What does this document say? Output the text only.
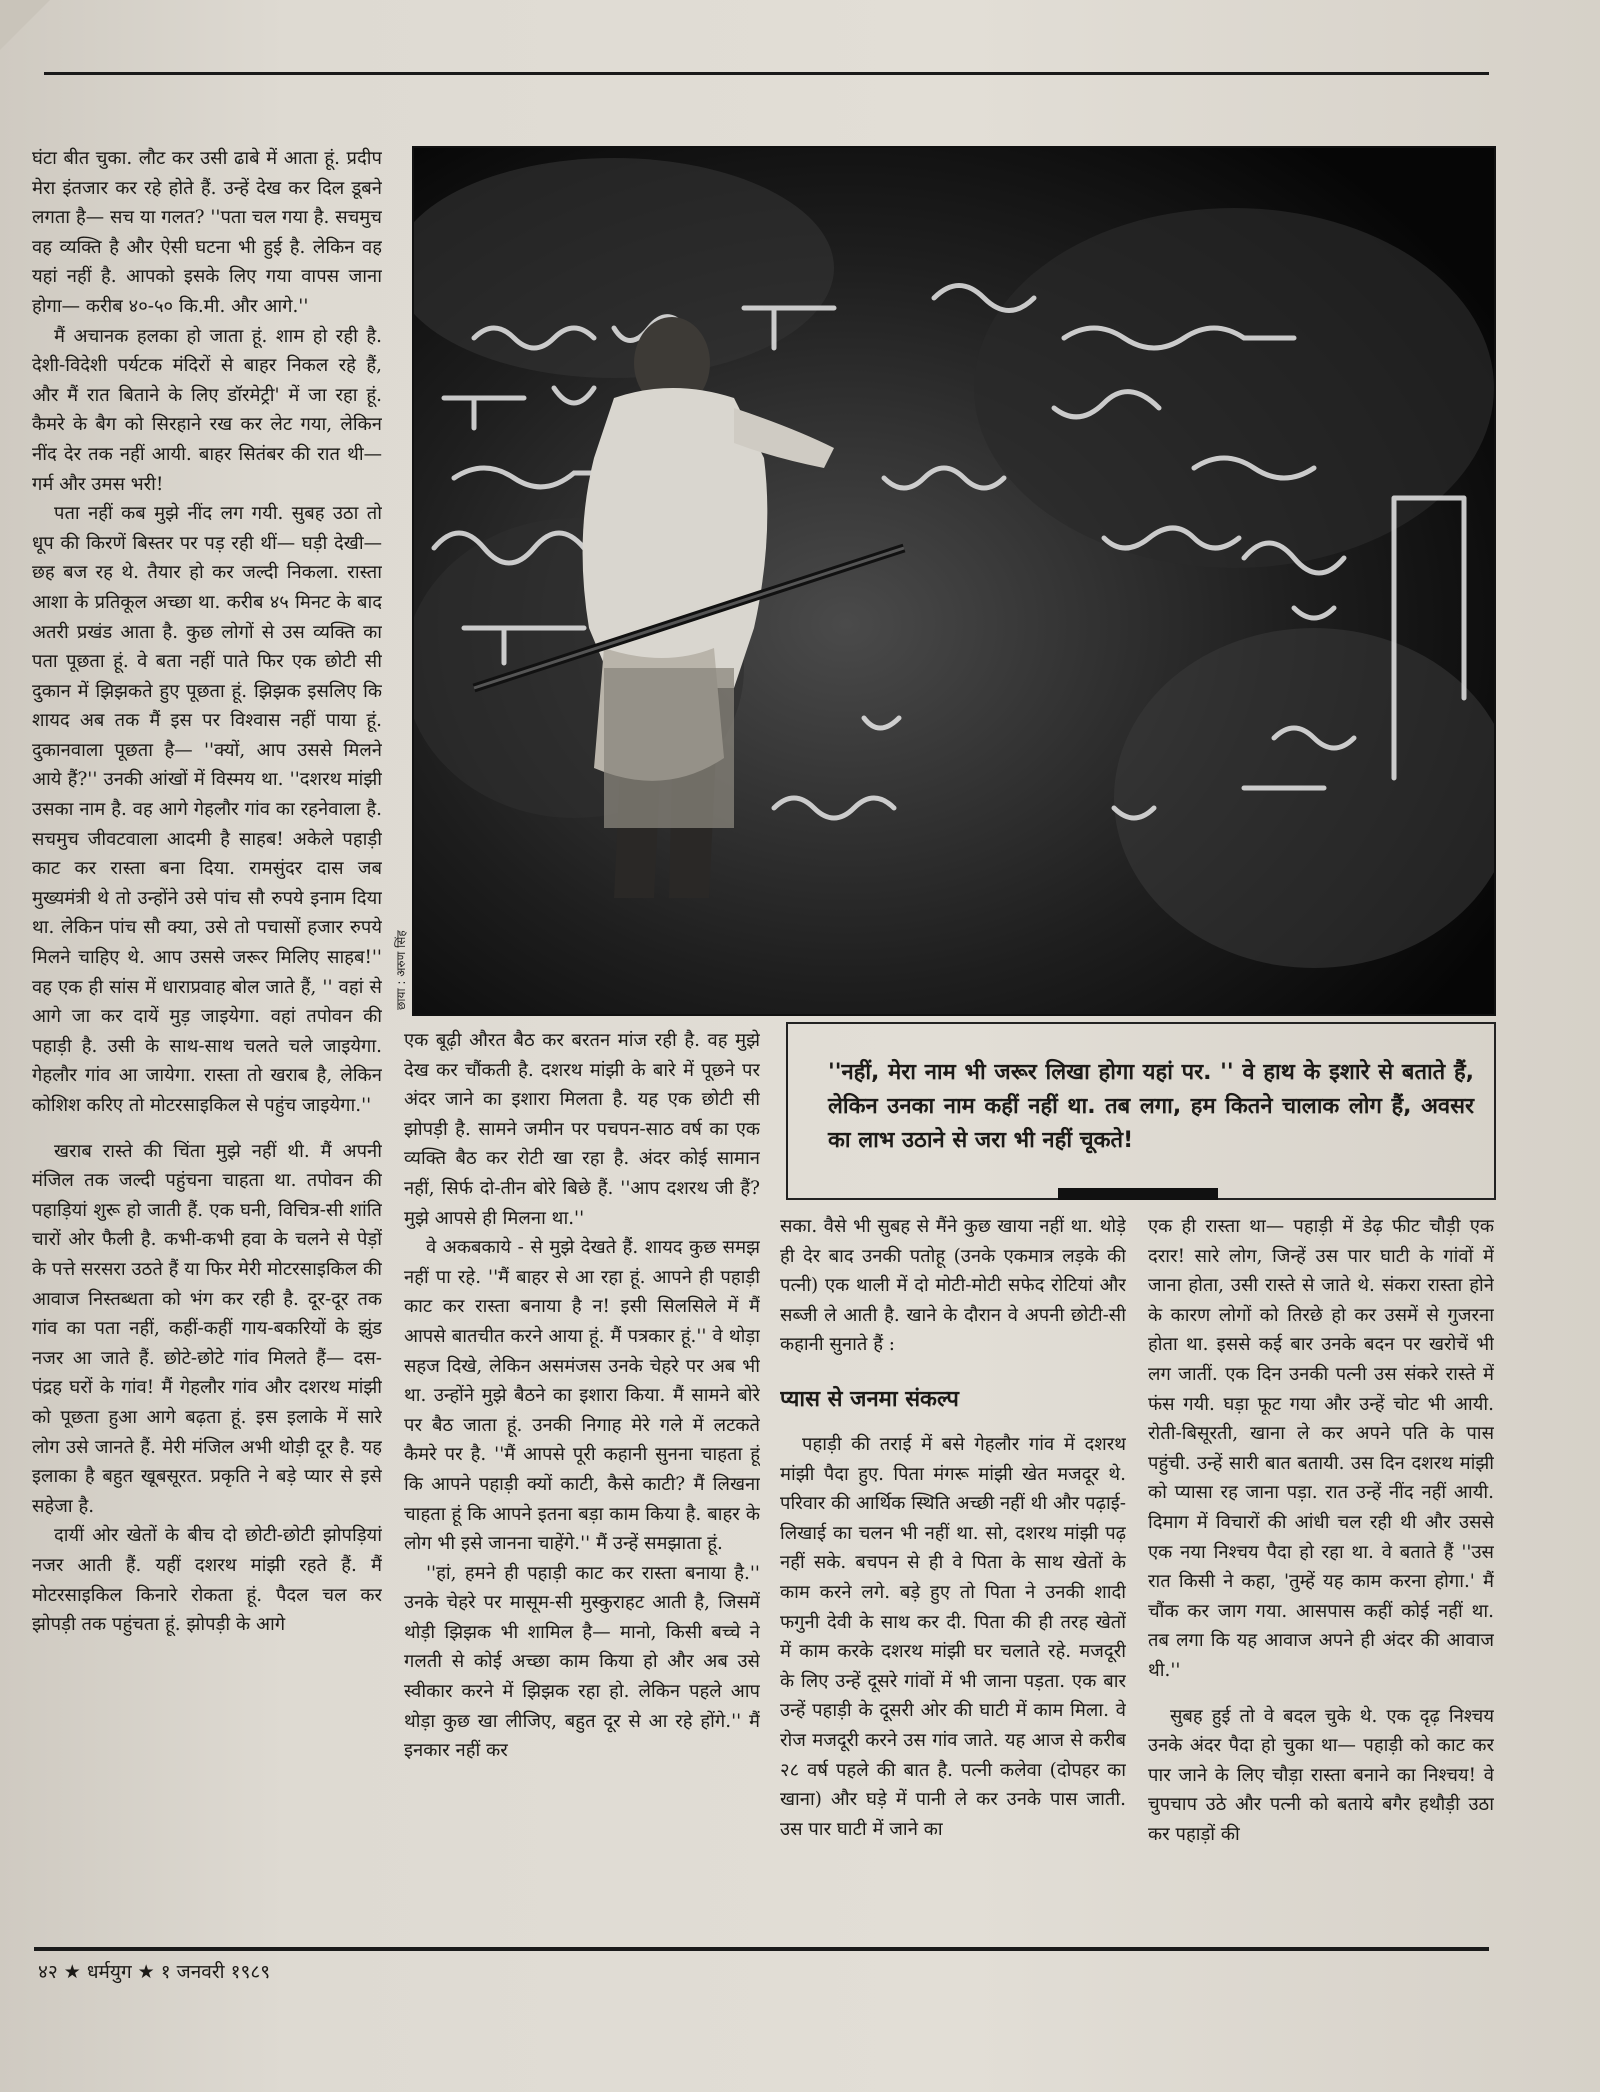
घंटा बीत चुका. लौट कर उसी ढाबे में आता हूं. प्रदीप मेरा इंतजार कर रहे होते हैं. उन्हें देख कर दिल डूबने लगता है— सच या गलत? ''पता चल गया है. सचमुच वह व्यक्ति है और ऐसी घटना भी हुई है. लेकिन वह यहां नहीं है. आपको इसके लिए गया वापस जाना होगा— करीब ४०-५० कि.मी. और आगे.''

मैं अचानक हलका हो जाता हूं. शाम हो रही है. देशी-विदेशी पर्यटक मंदिरों से बाहर निकल रहे हैं, और मैं रात बिताने के लिए डॉरमेट्री' में जा रहा हूं. कैमरे के बैग को सिरहाने रख कर लेट गया, लेकिन नींद देर तक नहीं आयी. बाहर सितंबर की रात थी— गर्म और उमस भरी!

पता नहीं कब मुझे नींद लग गयी. सुबह उठा तो धूप की किरणें बिस्तर पर पड़ रही थीं— घड़ी देखी— छह बज रह थे. तैयार हो कर जल्दी निकला. रास्ता आशा के प्रतिकूल अच्छा था. करीब ४५ मिनट के बाद अतरी प्रखंड आता है. कुछ लोगों से उस व्यक्ति का पता पूछता हूं. वे बता नहीं पाते फिर एक छोटी सी दुकान में झिझकते हुए पूछता हूं. झिझक इसलिए कि शायद अब तक मैं इस पर विश्वास नहीं पाया हूं. दुकानवाला पूछता है— ''क्यों, आप उससे मिलने आये हैं?'' उनकी आंखों में विस्मय था. ''दशरथ मांझी उसका नाम है. वह आगे गेहलौर गांव का रहनेवाला है. सचमुच जीवटवाला आदमी है साहब! अकेले पहाड़ी काट कर रास्ता बना दिया. रामसुंदर दास जब मुख्यमंत्री थे तो उन्होंने उसे पांच सौ रुपये इनाम दिया था. लेकिन पांच सौ क्या, उसे तो पचासों हजार रुपये मिलने चाहिए थे. आप उससे जरूर मिलिए साहब!'' वह एक ही सांस में धाराप्रवाह बोल जाते हैं, '' वहां से आगे जा कर दायें मुड़ जाइयेगा. वहां तपोवन की पहाड़ी है. उसी के साथ-साथ चलते चले जाइयेगा. गेहलौर गांव आ जायेगा. रास्ता तो खराब है, लेकिन कोशिश करिए तो मोटरसाइकिल से पहुंच जाइयेगा.''

खराब रास्ते की चिंता मुझे नहीं थी. मैं अपनी मंजिल तक जल्दी पहुंचना चाहता था. तपोवन की पहाड़ियां शुरू हो जाती हैं. एक घनी, विचित्र-सी शांति चारों ओर फैली है. कभी-कभी हवा के चलने से पेड़ों के पत्ते सरसरा उठते हैं या फिर मेरी मोटरसाइकिल की आवाज निस्तब्धता को भंग कर रही है. दूर-दूर तक गांव का पता नहीं, कहीं-कहीं गाय-बकरियों के झुंड नजर आ जाते हैं. छोटे-छोटे गांव मिलते हैं— दस-पंद्रह घरों के गांव! मैं गेहलौर गांव और दशरथ मांझी को पूछता हुआ आगे बढ़ता हूं. इस इलाके में सारे लोग उसे जानते हैं. मेरी मंजिल अभी थोड़ी दूर है. यह इलाका है बहुत खूबसूरत. प्रकृति ने बड़े प्यार से इसे सहेजा है.

दायीं ओर खेतों के बीच दो छोटी-छोटी झोपड़ियां नजर आती हैं. यहीं दशरथ मांझी रहते हैं. मैं मोटरसाइकिल किनारे रोकता हूं. पैदल चल कर झोपड़ी तक पहुंचता हूं. झोपड़ी के आगे

छाया : अरुण सिंह

एक बूढ़ी औरत बैठ कर बरतन मांज रही है. वह मुझे देख कर चौंकती है. दशरथ मांझी के बारे में पूछने पर अंदर जाने का इशारा मिलता है. यह एक छोटी सी झोपड़ी है. सामने जमीन पर पचपन-साठ वर्ष का एक व्यक्ति बैठ कर रोटी खा रहा है. अंदर कोई सामान नहीं, सिर्फ दो-तीन बोरे बिछे हैं. ''आप दशरथ जी हैं? मुझे आपसे ही मिलना था.''

वे अकबकाये - से मुझे देखते हैं. शायद कुछ समझ नहीं पा रहे. ''मैं बाहर से आ रहा हूं. आपने ही पहाड़ी काट कर रास्ता बनाया है न! इसी सिलसिले में मैं आपसे बातचीत करने आया हूं. मैं पत्रकार हूं.'' वे थोड़ा सहज दिखे, लेकिन असमंजस उनके चेहरे पर अब भी था. उन्होंने मुझे बैठने का इशारा किया. मैं सामने बोरे पर बैठ जाता हूं. उनकी निगाह मेरे गले में लटकते कैमरे पर है. ''मैं आपसे पूरी कहानी सुनना चाहता हूं कि आपने पहाड़ी क्यों काटी, कैसे काटी? मैं लिखना चाहता हूं कि आपने इतना बड़ा काम किया है. बाहर के लोग भी इसे जानना चाहेंगे.'' मैं उन्हें समझाता हूं.

''हां, हमने ही पहाड़ी काट कर रास्ता बनाया है.'' उनके चेहरे पर मासूम-सी मुस्कुराहट आती है, जिसमें थोड़ी झिझक भी शामिल है— मानो, किसी बच्चे ने गलती से कोई अच्छा काम किया हो और अब उसे स्वीकार करने में झिझक रहा हो. लेकिन पहले आप थोड़ा कुछ खा लीजिए, बहुत दूर से आ रहे होंगे.'' मैं इनकार नहीं कर

''नहीं, मेरा नाम भी जरूर लिखा होगा यहां पर. '' वे हाथ के इशारे से बताते हैं, लेकिन उनका नाम कहीं नहीं था. तब लगा, हम कितने चालाक लोग हैं, अवसर का लाभ उठाने से जरा भी नहीं चूकते!

सका. वैसे भी सुबह से मैंने कुछ खाया नहीं था. थोड़े ही देर बाद उनकी पतोहू (उनके एकमात्र लड़के की पत्नी) एक थाली में दो मोटी-मोटी सफेद रोटियां और सब्जी ले आती है. खाने के दौरान वे अपनी छोटी-सी कहानी सुनाते हैं :

प्यास से जनमा संकल्प

पहाड़ी की तराई में बसे गेहलौर गांव में दशरथ मांझी पैदा हुए. पिता मंगरू मांझी खेत मजदूर थे. परिवार की आर्थिक स्थिति अच्छी नहीं थी और पढ़ाई-लिखाई का चलन भी नहीं था. सो, दशरथ मांझी पढ़ नहीं सके. बचपन से ही वे पिता के साथ खेतों के काम करने लगे. बड़े हुए तो पिता ने उनकी शादी फगुनी देवी के साथ कर दी. पिता की ही तरह खेतों में काम करके दशरथ मांझी घर चलाते रहे. मजदूरी के लिए उन्हें दूसरे गांवों में भी जाना पड़ता. एक बार उन्हें पहाड़ी के दूसरी ओर की घाटी में काम मिला. वे रोज मजदूरी करने उस गांव जाते. यह आज से करीब २८ वर्ष पहले की बात है. पत्नी कलेवा (दोपहर का खाना) और घड़े में पानी ले कर उनके पास जाती. उस पार घाटी में जाने का

एक ही रास्ता था— पहाड़ी में डेढ़ फीट चौड़ी एक दरार! सारे लोग, जिन्हें उस पार घाटी के गांवों में जाना होता, उसी रास्ते से जाते थे. संकरा रास्ता होने के कारण लोगों को तिरछे हो कर उसमें से गुजरना होता था. इससे कई बार उनके बदन पर खरोचें भी लग जातीं. एक दिन उनकी पत्नी उस संकरे रास्ते में फंस गयी. घड़ा फूट गया और उन्हें चोट भी आयी. रोती-बिसूरती, खाना ले कर अपने पति के पास पहुंची. उन्हें सारी बात बतायी. उस दिन दशरथ मांझी को प्यासा रह जाना पड़ा. रात उन्हें नींद नहीं आयी. दिमाग में विचारों की आंधी चल रही थी और उससे एक नया निश्चय पैदा हो रहा था. वे बताते हैं ''उस रात किसी ने कहा, 'तुम्हें यह काम करना होगा.' मैं चौंक कर जाग गया. आसपास कहीं कोई नहीं था. तब लगा कि यह आवाज अपने ही अंदर की आवाज थी.''

सुबह हुई तो वे बदल चुके थे. एक दृढ़ निश्चय उनके अंदर पैदा हो चुका था— पहाड़ी को काट कर पार जाने के लिए चौड़ा रास्ता बनाने का निश्चय! वे चुपचाप उठे और पत्नी को बताये बगैर हथौड़ी उठा कर पहाड़ों की

४२ ★ धर्मयुग ★ १ जनवरी १९८९
